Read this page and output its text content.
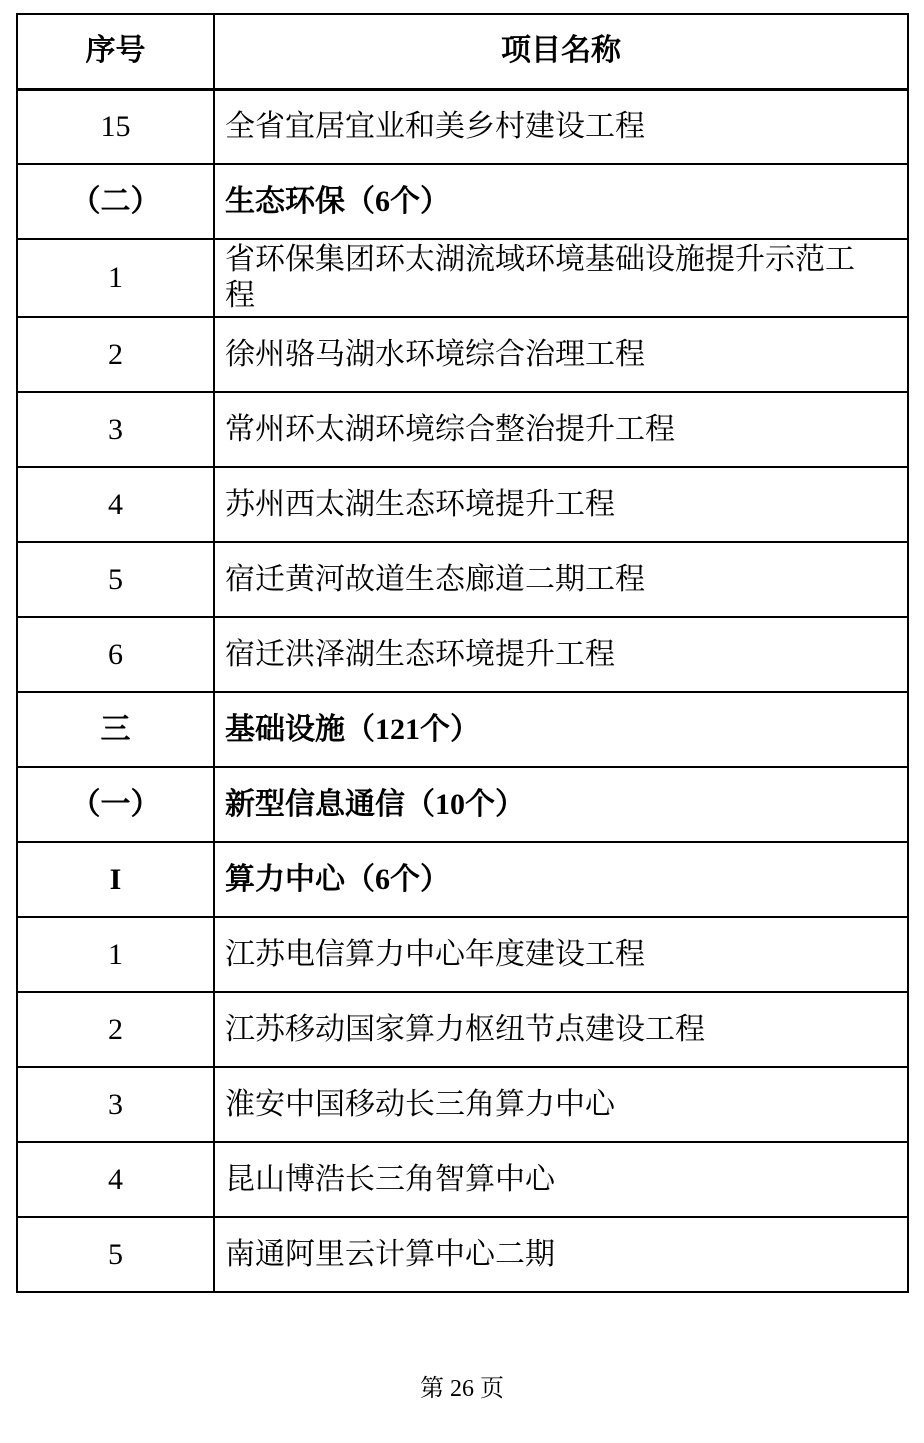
序号	项目名称
15	全省宜居宜业和美乡村建设工程
（二）	生态环保（6个）
1	省环保集团环太湖流域环境基础设施提升示范工程
2	徐州骆马湖水环境综合治理工程
3	常州环太湖环境综合整治提升工程
4	苏州西太湖生态环境提升工程
5	宿迁黄河故道生态廊道二期工程
6	宿迁洪泽湖生态环境提升工程
三	基础设施（121个）
（一）	新型信息通信（10个）
I	算力中心（6个）
1	江苏电信算力中心年度建设工程
2	江苏移动国家算力枢纽节点建设工程
3	淮安中国移动长三角算力中心
4	昆山博浩长三角智算中心
5	南通阿里云计算中心二期
第 26 页
